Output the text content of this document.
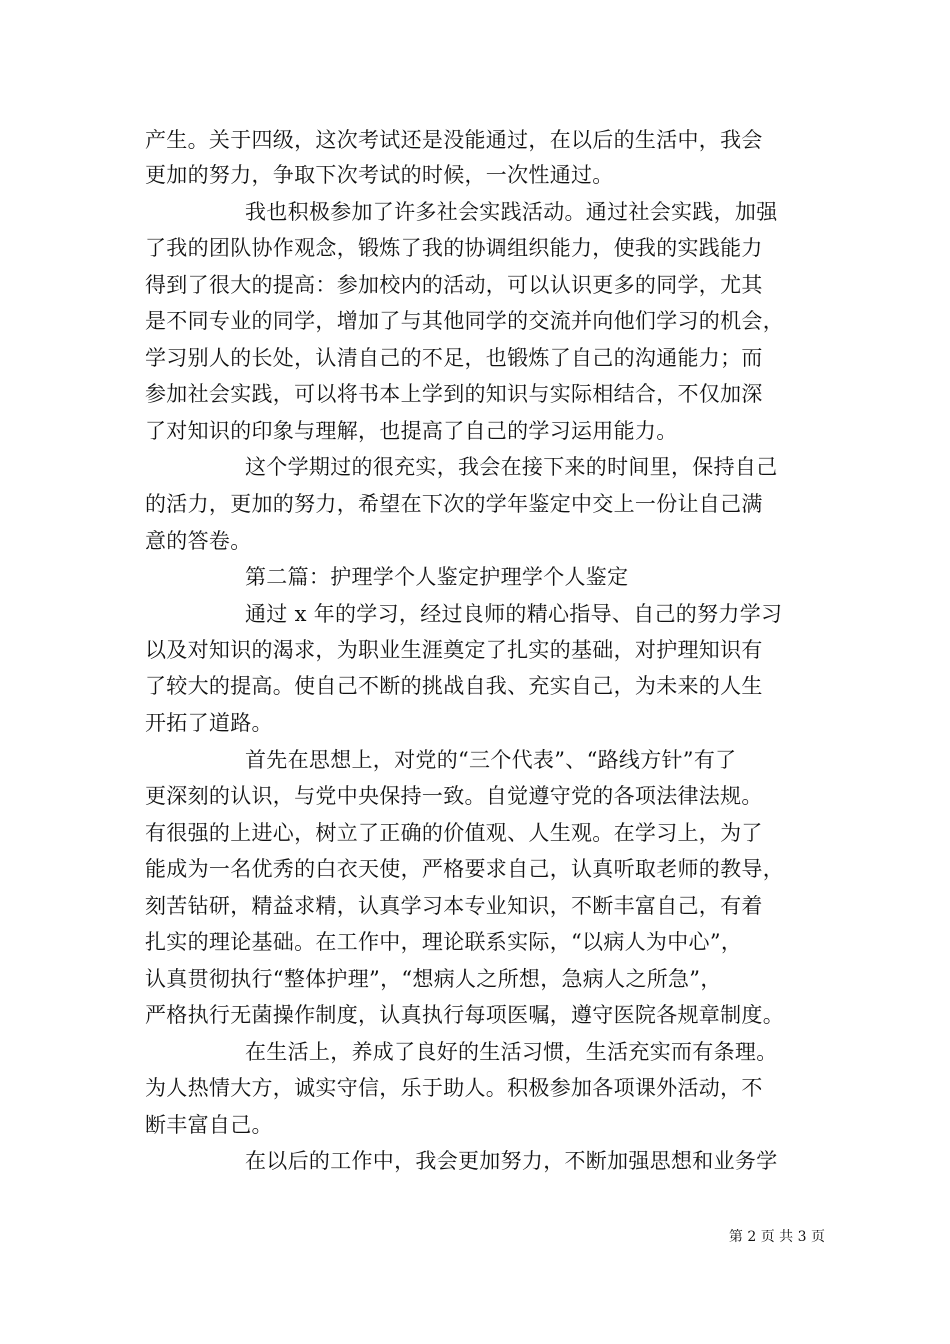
产生。关于四级，这次考试还是没能通过，在以后的生活中，我会
更加的努力，争取下次考试的时候，一次性通过。
我也积极参加了许多社会实践活动。通过社会实践，加强
了我的团队协作观念，锻炼了我的协调组织能力，使我的实践能力
得到了很大的提高：参加校内的活动，可以认识更多的同学，尤其
是不同专业的同学，增加了与其他同学的交流并向他们学习的机会，
学习别人的长处，认清自己的不足，也锻炼了自己的沟通能力；而
参加社会实践，可以将书本上学到的知识与实际相结合，不仅加深
了对知识的印象与理解，也提高了自己的学习运用能力。
这个学期过的很充实，我会在接下来的时间里，保持自己
的活力，更加的努力，希望在下次的学年鉴定中交上一份让自己满
意的答卷。
第二篇：护理学个人鉴定护理学个人鉴定
通过 x 年的学习，经过良师的精心指导、自己的努力学习
以及对知识的渴求，为职业生涯奠定了扎实的基础，对护理知识有
了较大的提高。使自己不断的挑战自我、充实自己，为未来的人生
开拓了道路。
首先在思想上，对党的“三个代表”、“路线方针”有了
更深刻的认识，与党中央保持一致。自觉遵守党的各项法律法规。
有很强的上进心，树立了正确的价值观、人生观。在学习上，为了
能成为一名优秀的白衣天使，严格要求自己，认真听取老师的教导，
刻苦钻研，精益求精，认真学习本专业知识，不断丰富自己，有着
扎实的理论基础。在工作中，理论联系实际，“以病人为中心”，
认真贯彻执行“整体护理”，“想病人之所想，急病人之所急”，
严格执行无菌操作制度，认真执行每项医嘱，遵守医院各规章制度。
在生活上，养成了良好的生活习惯，生活充实而有条理。
为人热情大方，诚实守信，乐于助人。积极参加各项课外活动，不
断丰富自己。
在以后的工作中，我会更加努力，不断加强思想和业务学
第 2 页 共 3 页
